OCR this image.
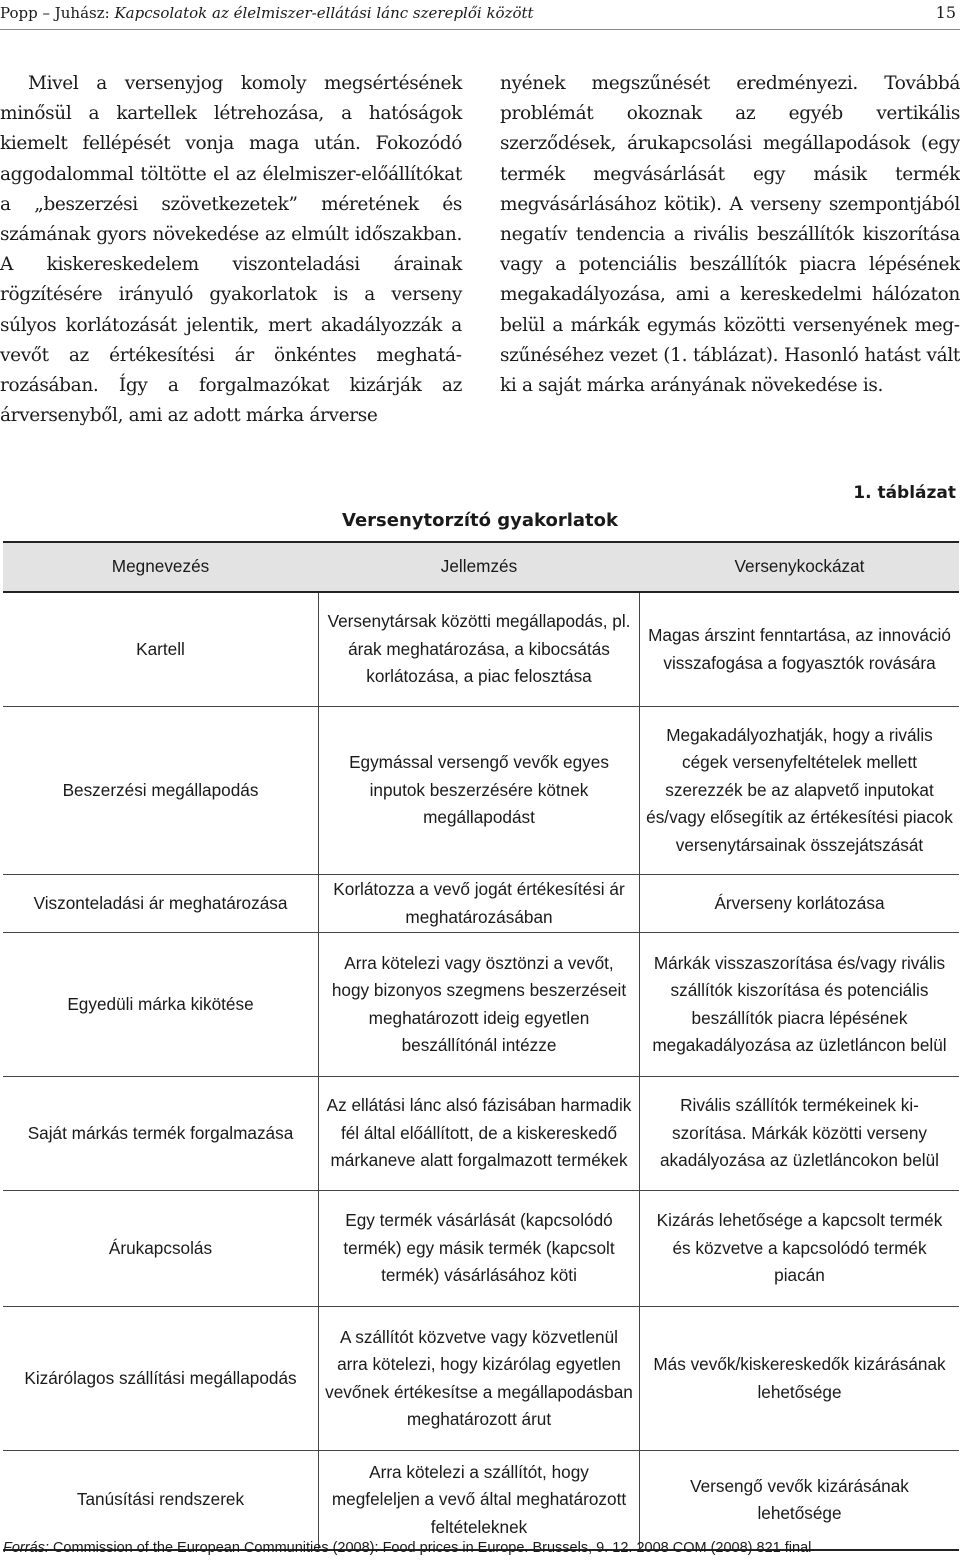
Popp – Juhász: Kapcsolatok az élelmiszer-ellátási lánc szereplői között	15
Mivel a versenyjog komoly megsértésének minősül a kartellek létrehozása, a hatóságok kiemelt fellépését vonja maga után. Fokozódó aggodalommal töltötte el az élelmiszer-előállítókat a „beszerzési szövetkezetek” méretének és számának gyors növekedése az elmúlt időszakban. A kiskereskedelem viszonteladási árainak rögzítésére irányuló gyakorlatok is a verseny súlyos korlátozását jelentik, mert akadályozzák a vevőt az értékesítési ár önkéntes meghatározásában. Így a forgalmazókat kizárják az árversenyből, ami az adott márka árverse
nyének megszűnését eredményezi. Továbbá problémát okoznak az egyéb vertikális szerződések, árukapcsolási megállapodások (egy termék megvásárlását egy másik termék megvásárlásához kötik). A verseny szempontjából negatív tendencia a rivális beszállítók kiszorítása vagy a potenciális beszállítók piacra lépésének megakadályozása, ami a kereskedelmi hálózaton belül a márkák egymás közötti versenyének megszűnéséhez vezet (1. táblázat). Hasonló hatást vált ki a saját márka arányának növekedése is.
1. táblázat
Versenytorzító gyakorlatok
Megnevezés	Jellemzés	Versenykockázat
Kartell	Versenytársak közötti megállapodás, pl. árak meghatározása, a kibocsátás korlátozása, a piac felosztása	Magas árszint fenntartása, az innováció visszafogása a fogyasztók rovására
Beszerzési megállapodás	Egymással versengő vevők egyes inputok beszerzésére kötnek megállapodást	Megakadályozhatják, hogy a rivális cégek versenyfeltételek mellett szerezzék be az alapvető inputokat és/vagy elősegítik az értékesítési piacok versenytársainak összejátszását
Viszonteladási ár meghatározása	Korlátozza a vevő jogát értékesítési ár meghatározásában	Árverseny korlátozása
Egyedüli márka kikötése	Arra kötelezi vagy ösztönzi a vevőt, hogy bizonyos szegmens beszerzéseit meghatározott ideig egyetlen beszállítónál intézze	Márkák visszaszorítása és/vagy rivális szállítók kiszorítása és potenciális beszállítók piacra lépésének megakadályozása az üzletláncon belül
Saját márkás termék forgalmazása	Az ellátási lánc alsó fázisában harmadik fél által előállított, de a kiskereskedő márkaneve alatt forgalmazott termékek	Rivális szállítók termékeinek kiszorítása. Márkák közötti verseny akadályozása az üzletláncokon belül
Árukapcsolás	Egy termék vásárlását (kapcsolódó termék) egy másik termék (kapcsolt termék) vásárlásához köti	Kizárás lehetősége a kapcsolt termék és közvetve a kapcsolódó termék piacán
Kizárólagos szállítási megállapodás	A szállítót közvetve vagy közvetlenül arra kötelezi, hogy kizárólag egyetlen vevőnek értékesítse a megállapodásban meghatározott árut	Más vevők/kiskereskedők kizárásának lehetősége
Tanúsítási rendszerek	Arra kötelezi a szállítót, hogy megfeleljen a vevő által meghatározott feltételeknek	Versengő vevők kizárásának lehetősége
Forrás: Commission of the European Communities (2008): Food prices in Europe. Brussels, 9. 12. 2008 COM (2008) 821 final
